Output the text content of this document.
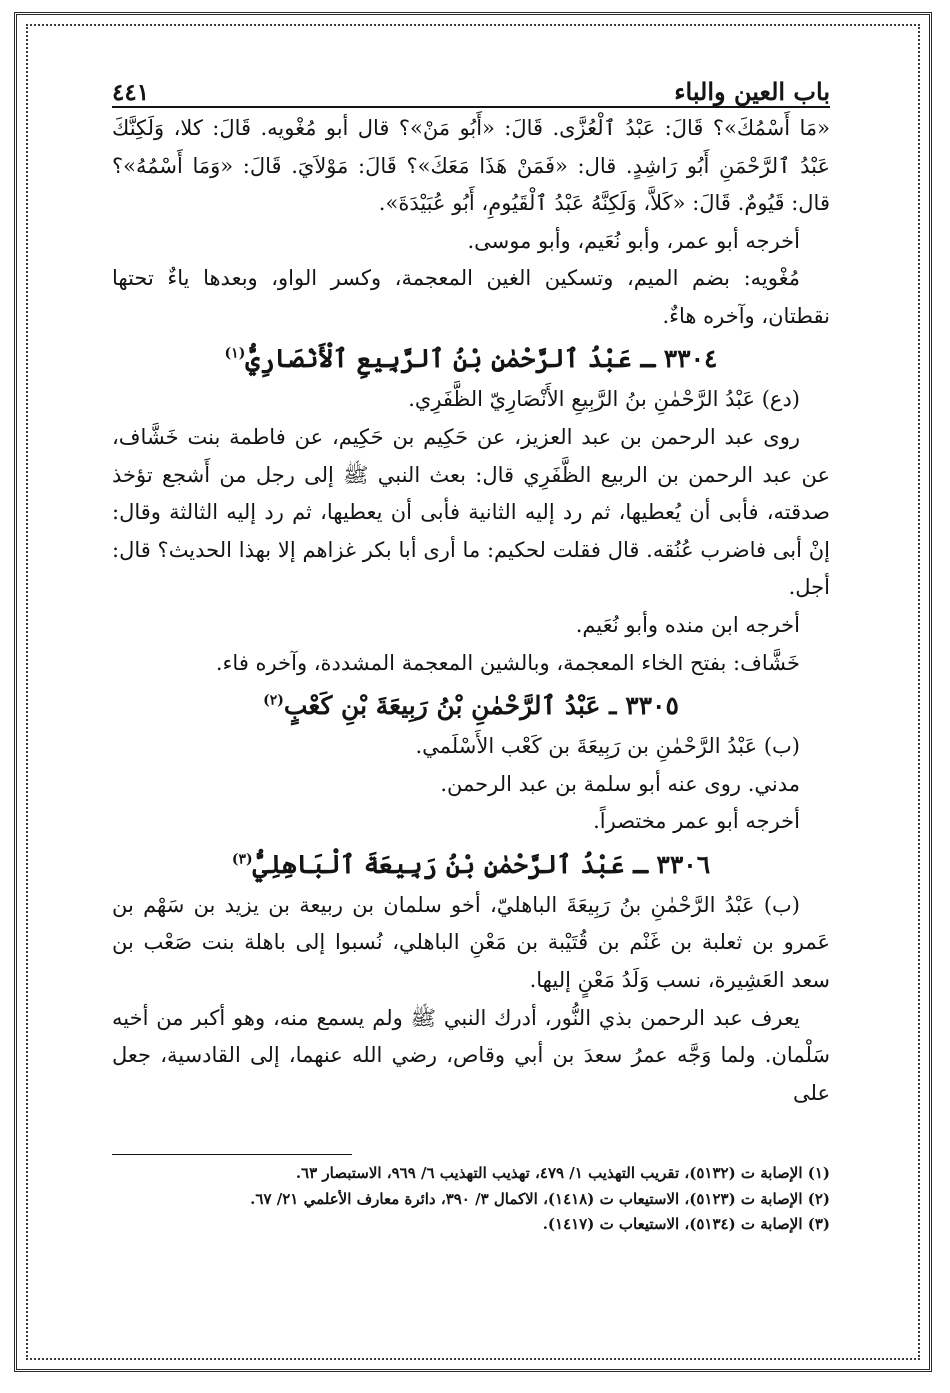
باب العين والباء
٤٤١

«مَا أَسْمُكَ»؟ قَالَ: عَبْدُ ٱلْعُزَّى. قَالَ: «أَبُو مَنْ»؟ قال أبو مُغْويه. قَالَ: كلا، وَلَكِنَّكَ عَبْدُ ٱلرَّحْمَنِ أَبُو رَاشِدٍ. قال: «فَمَنْ هَذَا مَعَكَ»؟ قَالَ: مَوْلاَيَ. قَالَ: «وَمَا أَسْمُهُ»؟ قال: قَيُومٌ. قَالَ: «كَلاَّ، وَلَكِنَّهُ عَبْدُ ٱلْقَيُومِ، أَبُو عُبَيْدَةَ».

أخرجه أبو عمر، وأبو نُعَيم، وأبو موسى.

مُغْويه: بضم الميم، وتسكين الغين المعجمة، وكسر الواو، وبعدها ياءٌ تحتها نقطتان، وآخره هاءٌ.

٣٣٠٤ ـ عَبْدُ ٱلرَّحْمٰنِ بْنُ ٱلرَّبِيعِ ٱلْأَنْصَارِيُّ$^{(١)}$

(دع) عَبْدُ الرَّحْمٰنِ بنُ الرَّبِيعِ الأَنْصَارِيّ الظَّفَرِي.

روى عبد الرحمن بن عبد العزيز، عن حَكِيم بن حَكِيم، عن فاطمة بنت خَشَّاف، عن عبد الرحمن بن الربيع الظَّفَرِي قال: بعث النبي ﷺ إلى رجل من أَشجع تؤخذ صدقته، فأبى أن يُعطيها، ثم رد إليه الثانية فأبى أن يعطيها، ثم رد إليه الثالثة وقال: إنْ أبى فاضرب عُنُقه. قال فقلت لحكيم: ما أرى أبا بكر غزاهم إلا بهذا الحديث؟ قال: أجل.

أخرجه ابن منده وأبو نُعَيم.

خَشَّاف: بفتح الخاء المعجمة، وبالشين المعجمة المشددة، وآخره فاء.

٣٣٠٥ ـ عَبْدُ ٱلرَّحْمٰنِ بْنُ رَبِيعَةَ بْنِ كَعْبٍ$^{(٢)}$

(ب) عَبْدُ الرَّحْمٰنِ بن رَبِيعَةَ بن كَعْب الأَسْلَمي.

مدني. روى عنه أبو سلمة بن عبد الرحمن.

أخرجه أبو عمر مختصراً.

٣٣٠٦ ـ عَبْدُ ٱلرَّحْمٰنِ بْنُ رَبِيعَةَ ٱلْبَاهِلِيُّ$^{(٣)}$

(ب) عَبْدُ الرَّحْمٰنِ بنُ رَبِيعَةَ الباهليّ، أخو سلمان بن ربيعة بن يزيد بن سَهْم بن عَمرو بن ثعلبة بن غَنْم بن قُتَيْبة بن مَعْنِ الباهلي، نُسبوا إلى باهلة بنت صَعْب بن سعد العَشِيرة، نسب وَلَدُ مَعْنٍ إليها.

يعرف عبد الرحمن بذي النُّور، أدرك النبي ﷺ ولم يسمع منه، وهو أكبر من أخيه سَلْمان. ولما وَجَّه عمرُ سعدَ بن أبي وقاص، رضي الله عنهما، إلى القادسية، جعل على

(١) الإصابة ت (٥١٣٢)، تقريب التهذيب ١/ ٤٧٩، تهذيب التهذيب ٦/ ٩٦٩، الاستبصار ٦٣.
(٢) الإصابة ت (٥١٢٣)، الاستيعاب ت (١٤١٨)، الاكمال ٣/ ٣٩٠، دائرة معارف الأعلمي ٢١/ ٦٧.
(٣) الإصابة ت (٥١٣٤)، الاستيعاب ت (١٤١٧).
